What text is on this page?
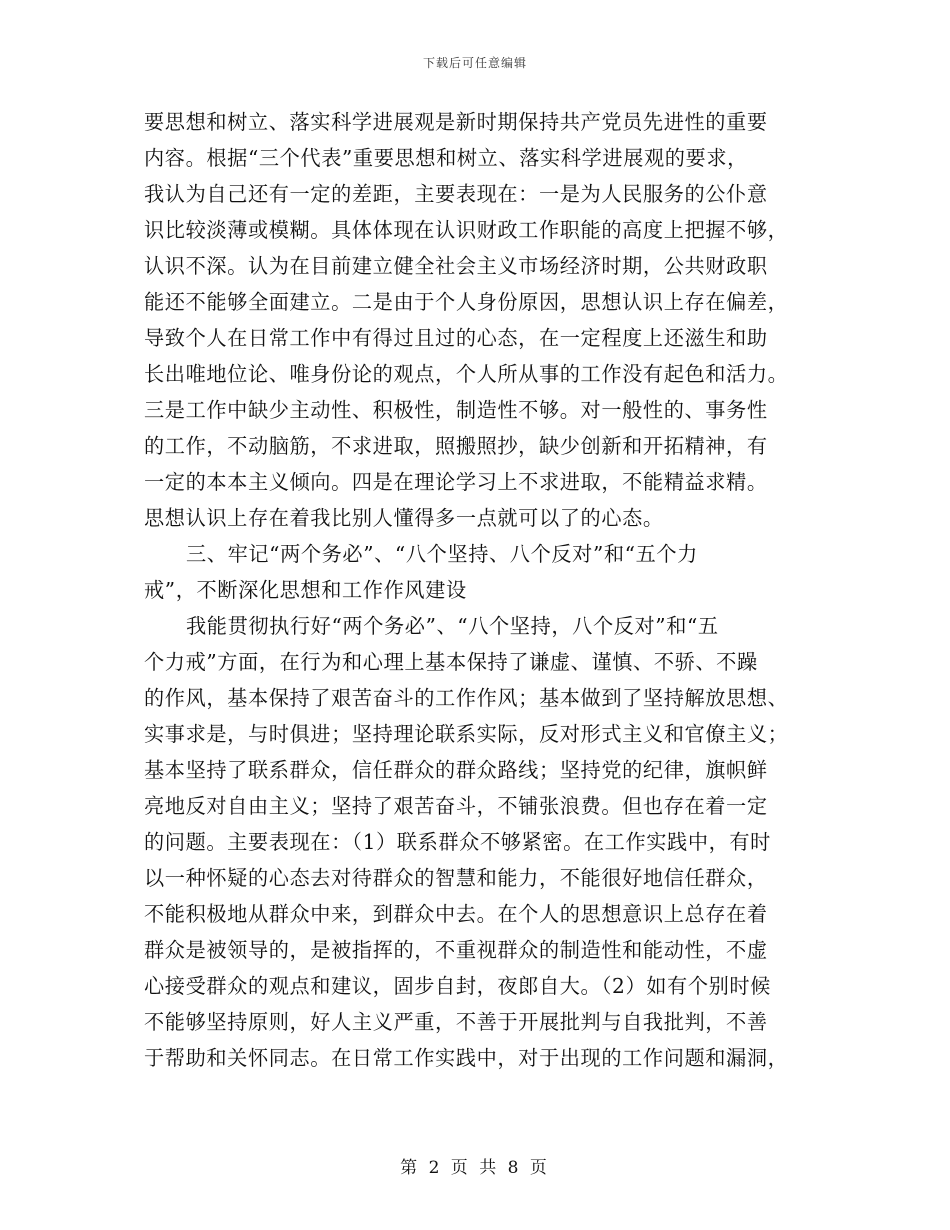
下载后可任意编辑
要思想和树立、落实科学进展观是新时期保持共产党员先进性的重要
内容。根据“三个代表”重要思想和树立、落实科学进展观的要求，
我认为自己还有一定的差距，主要表现在：一是为人民服务的公仆意
识比较淡薄或模糊。具体体现在认识财政工作职能的高度上把握不够，
认识不深。认为在目前建立健全社会主义市场经济时期，公共财政职
能还不能够全面建立。二是由于个人身份原因，思想认识上存在偏差，
导致个人在日常工作中有得过且过的心态，在一定程度上还滋生和助
长出唯地位论、唯身份论的观点，个人所从事的工作没有起色和活力。
三是工作中缺少主动性、积极性，制造性不够。对一般性的、事务性
的工作，不动脑筋，不求进取，照搬照抄，缺少创新和开拓精神，有
一定的本本主义倾向。四是在理论学习上不求进取，不能精益求精。
思想认识上存在着我比别人懂得多一点就可以了的心态。
三、牢记“两个务必”、“八个坚持、八个反对”和“五个力
戒”，不断深化思想和工作作风建设
我能贯彻执行好“两个务必”、“八个坚持，八个反对”和“五
个力戒”方面，在行为和心理上基本保持了谦虚、谨慎、不骄、不躁
的作风，基本保持了艰苦奋斗的工作作风；基本做到了坚持解放思想、
实事求是，与时俱进；坚持理论联系实际，反对形式主义和官僚主义；
基本坚持了联系群众，信任群众的群众路线；坚持党的纪律，旗帜鲜
亮地反对自由主义；坚持了艰苦奋斗，不铺张浪费。但也存在着一定
的问题。主要表现在：（1）联系群众不够紧密。在工作实践中，有时
以一种怀疑的心态去对待群众的智慧和能力，不能很好地信任群众，
不能积极地从群众中来，到群众中去。在个人的思想意识上总存在着
群众是被领导的，是被指挥的，不重视群众的制造性和能动性，不虚
心接受群众的观点和建议，固步自封，夜郎自大。（2）如有个别时候
不能够坚持原则，好人主义严重，不善于开展批判与自我批判，不善
于帮助和关怀同志。在日常工作实践中，对于出现的工作问题和漏洞，
第 2 页 共 8 页
